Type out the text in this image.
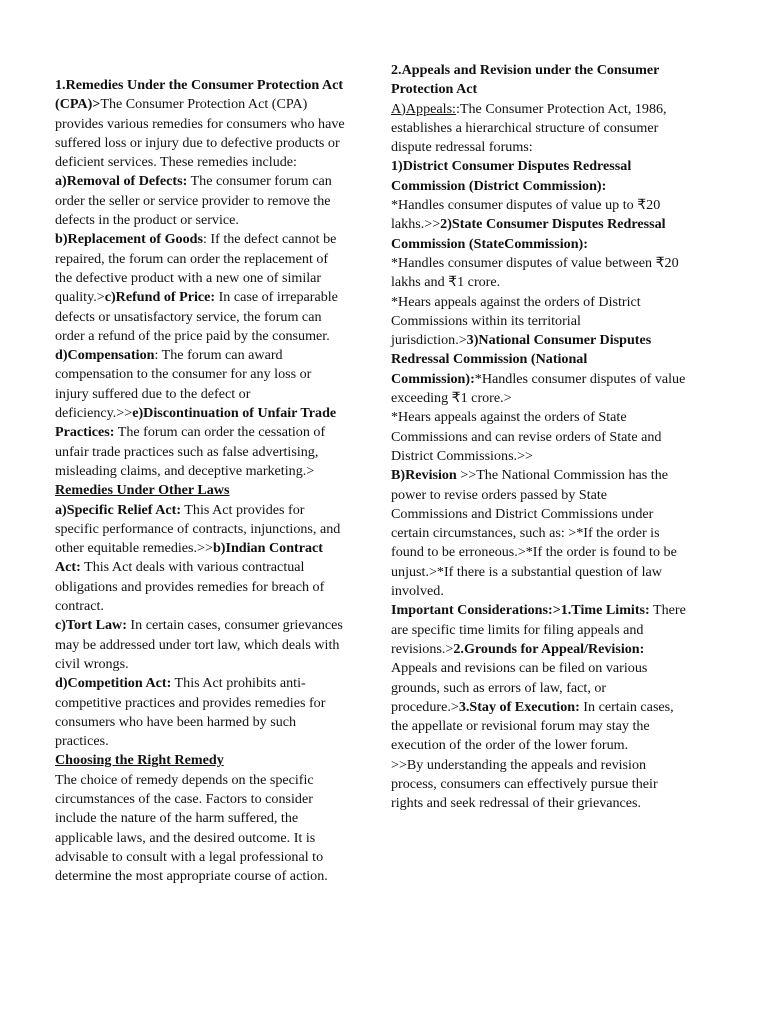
1.Remedies Under the Consumer Protection Act (CPA)>The Consumer Protection Act (CPA) provides various remedies for consumers who have suffered loss or injury due to defective products or deficient services. These remedies include:
a)Removal of Defects: The consumer forum can order the seller or service provider to remove the defects in the product or service.
b)Replacement of Goods: If the defect cannot be repaired, the forum can order the replacement of the defective product with a new one of similar quality.>c)Refund of Price: In case of irreparable defects or unsatisfactory service, the forum can order a refund of the price paid by the consumer.
d)Compensation: The forum can award compensation to the consumer for any loss or injury suffered due to the defect or deficiency.>>e)Discontinuation of Unfair Trade Practices: The forum can order the cessation of unfair trade practices such as false advertising, misleading claims, and deceptive marketing.>

Remedies Under Other Laws
a)Specific Relief Act: This Act provides for specific performance of contracts, injunctions, and other equitable remedies.>>b)Indian Contract Act: This Act deals with various contractual obligations and provides remedies for breach of contract.
c)Tort Law: In certain cases, consumer grievances may be addressed under tort law, which deals with civil wrongs.
d)Competition Act: This Act prohibits anti-competitive practices and provides remedies for consumers who have been harmed by such practices.

Choosing the Right Remedy
The choice of remedy depends on the specific circumstances of the case. Factors to consider include the nature of the harm suffered, the applicable laws, and the desired outcome. It is advisable to consult with a legal professional to determine the most appropriate course of action.

2.Appeals and Revision under the Consumer Protection Act
A)Appeals::The Consumer Protection Act, 1986, establishes a hierarchical structure of consumer dispute redressal forums:
1)District Consumer Disputes Redressal Commission (District Commission):
*Handles consumer disputes of value up to ₹20 lakhs.>>2)State Consumer Disputes Redressal Commission (StateCommission):
*Handles consumer disputes of value between ₹20 lakhs and ₹1 crore.
*Hears appeals against the orders of District Commissions within its territorial jurisdiction.>3)National Consumer Disputes Redressal Commission (National Commission):*Handles consumer disputes of value exceeding ₹1 crore.>
*Hears appeals against the orders of State Commissions and can revise orders of State and District Commissions.>>
B)Revision >>The National Commission has the power to revise orders passed by State Commissions and District Commissions under certain circumstances, such as: >*If the order is found to be erroneous.>*If the order is found to be unjust.>*If there is a substantial question of law involved.
Important Considerations:>1.Time Limits: There are specific time limits for filing appeals and revisions.>2.Grounds for Appeal/Revision: Appeals and revisions can be filed on various grounds, such as errors of law, fact, or procedure.>3.Stay of Execution: In certain cases, the appellate or revisional forum may stay the execution of the order of the lower forum.
>>By understanding the appeals and revision process, consumers can effectively pursue their rights and seek redressal of their grievances.
